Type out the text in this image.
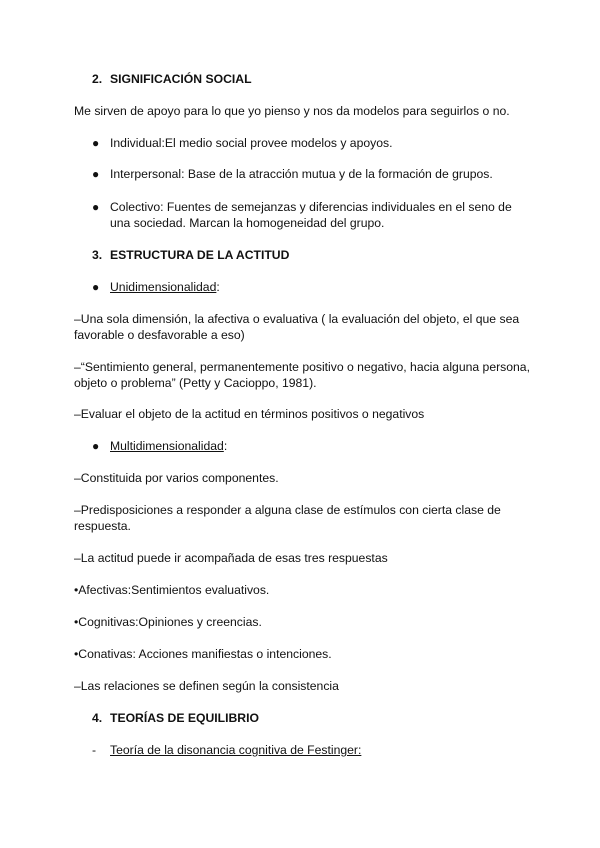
2. SIGNIFICACIÓN SOCIAL
Me sirven de apoyo para lo que yo pienso y nos da modelos para seguirlos o no.
● Individual:El medio social provee modelos y apoyos.
● Interpersonal: Base de la atracción mutua y de la formación de grupos.
● Colectivo: Fuentes de semejanzas y diferencias individuales en el seno de
una sociedad. Marcan la homogeneidad del grupo.
3. ESTRUCTURA DE LA ACTITUD
● Unidimensionalidad:
–Una sola dimensión, la afectiva o evaluativa ( la evaluación del objeto, el que sea
favorable o desfavorable a eso)
–“Sentimiento general, permanentemente positivo o negativo, hacia alguna persona,
objeto o problema” (Petty y Cacioppo, 1981).
–Evaluar el objeto de la actitud en términos positivos o negativos
● Multidimensionalidad:
–Constituida por varios componentes.
–Predisposiciones a responder a alguna clase de estímulos con cierta clase de
respuesta.
–La actitud puede ir acompañada de esas tres respuestas
•Afectivas:Sentimientos evaluativos.
•Cognitivas:Opiniones y creencias.
•Conativas: Acciones manifiestas o intenciones.
–Las relaciones se definen según la consistencia
4. TEORÍAS DE EQUILIBRIO
- Teoría de la disonancia cognitiva de Festinger:
